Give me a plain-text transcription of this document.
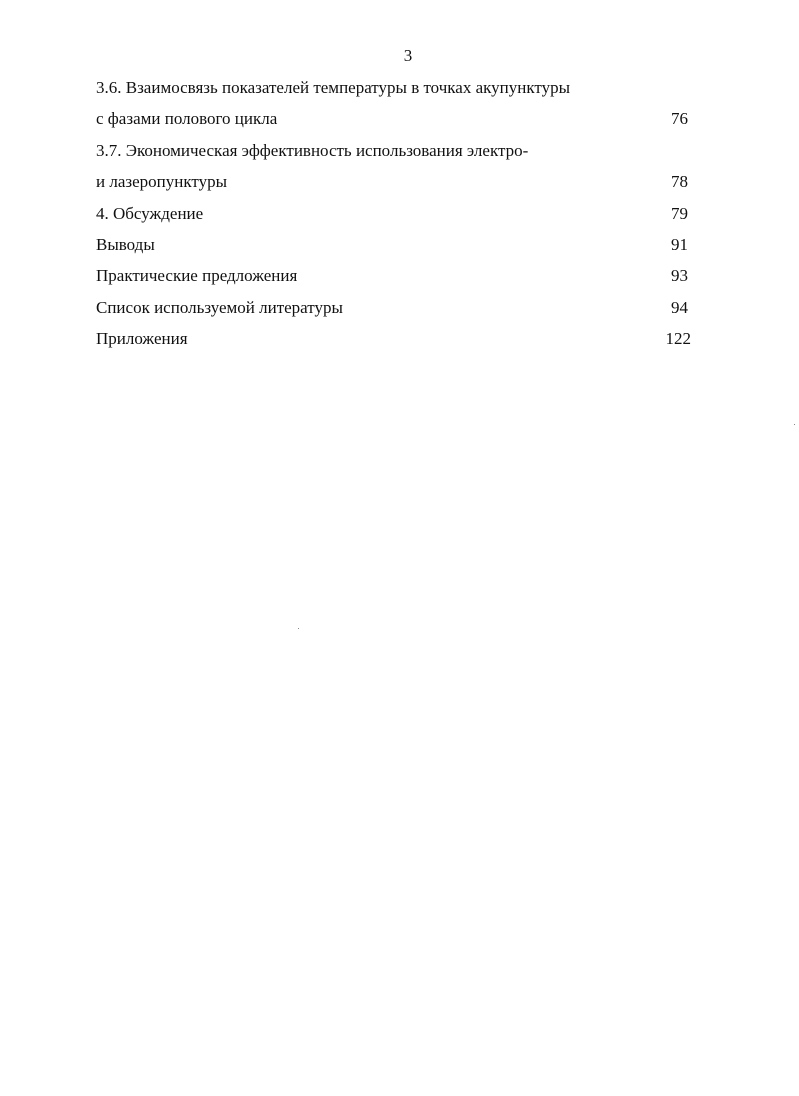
3
3.6. Взаимосвязь показателей температуры в точках акупунктуры
с фазами полового цикла	76
3.7. Экономическая эффективность использования электро-
и лазеропунктуры	78
4. Обсуждение	79
Выводы	91
Практические предложения	93
Список используемой литературы	94
Приложения	122
